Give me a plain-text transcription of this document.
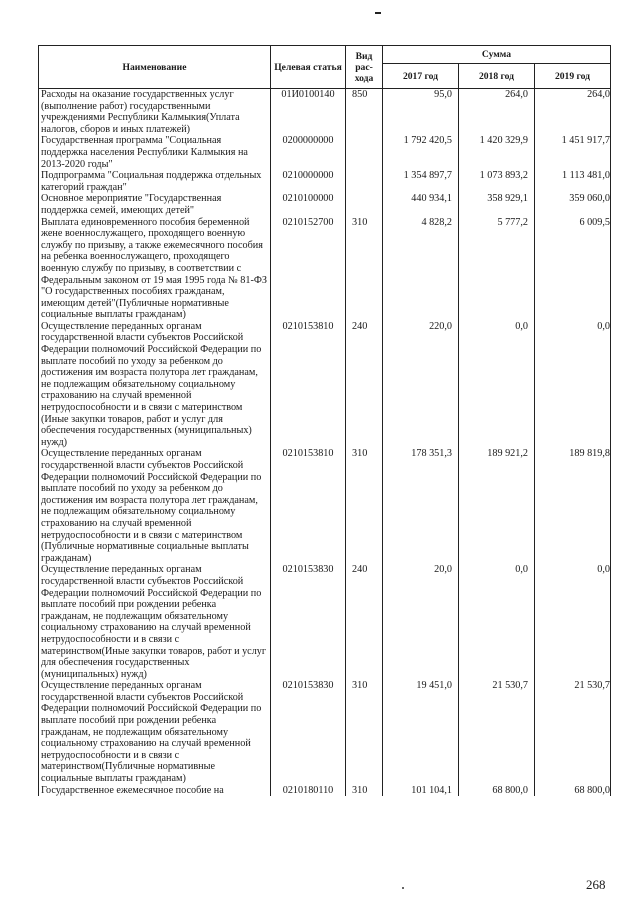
Наименование	Целевая статья	Вид рас-хода	Сумма		
			2017 год	2018 год	2019 год
Расходы на оказание государственных услуг (выполнение работ) государственными учреждениями Республики Калмыкия(Уплата налогов, сборов и иных платежей)	01И0100140	850	95,0	264,0	264,0
Государственная программа "Социальная поддержка населения Республики Калмыкия на 2013-2020 годы"	0200000000		1 792 420,5	1 420 329,9	1 451 917,7
Подпрограмма "Социальная поддержка отдельных категорий граждан"	0210000000		1 354 897,7	1 073 893,2	1 113 481,0
Основное мероприятие "Государственная поддержка семей, имеющих детей"	0210100000		440 934,1	358 929,1	359 060,0
Выплата единовременного пособия беременной жене военнослужащего, проходящего военную службу по призыву, а также ежемесячного пособия на ребенка военнослужащего, проходящего военную службу по призыву, в соответствии с Федеральным законом от 19 мая 1995 года № 81-ФЗ "О государственных пособиях гражданам, имеющим детей"(Публичные нормативные социальные выплаты гражданам)	0210152700	310	4 828,2	5 777,2	6 009,5
Осуществление переданных органам государственной власти субъектов Российской Федерации полномочий Российской Федерации по выплате пособий по уходу за ребенком до достижения им возраста полутора лет гражданам, не подлежащим обязательному социальному страхованию на случай временной нетрудоспособности и в связи с материнством (Иные закупки товаров, работ и услуг для обеспечения государственных (муниципальных) нужд)	0210153810	240	220,0	0,0	0,0
Осуществление переданных органам государственной власти субъектов Российской Федерации полномочий Российской Федерации по выплате пособий по уходу за ребенком до достижения им возраста полутора лет гражданам, не подлежащим обязательному социальному страхованию на случай временной нетрудоспособности и в связи с материнством (Публичные нормативные социальные выплаты гражданам)	0210153810	310	178 351,3	189 921,2	189 819,8
Осуществление переданных органам государственной власти субъектов Российской Федерации полномочий Российской Федерации по выплате пособий при рождении ребенка гражданам, не подлежащим обязательному социальному страхованию на случай временной нетрудоспособности и в связи с материнством(Иные закупки товаров, работ и услуг для обеспечения государственных (муниципальных) нужд)	0210153830	240	20,0	0,0	0,0
Осуществление переданных органам государственной власти субъектов Российской Федерации полномочий Российской Федерации по выплате пособий при рождении ребенка гражданам, не подлежащим обязательному социальному страхованию на случай временной нетрудоспособности и в связи с материнством(Публичные нормативные социальные выплаты гражданам)	0210153830	310	19 451,0	21 530,7	21 530,7
Государственное ежемесячное пособие на	0210180110	310	101 104,1	68 800,0	68 800,0
268
